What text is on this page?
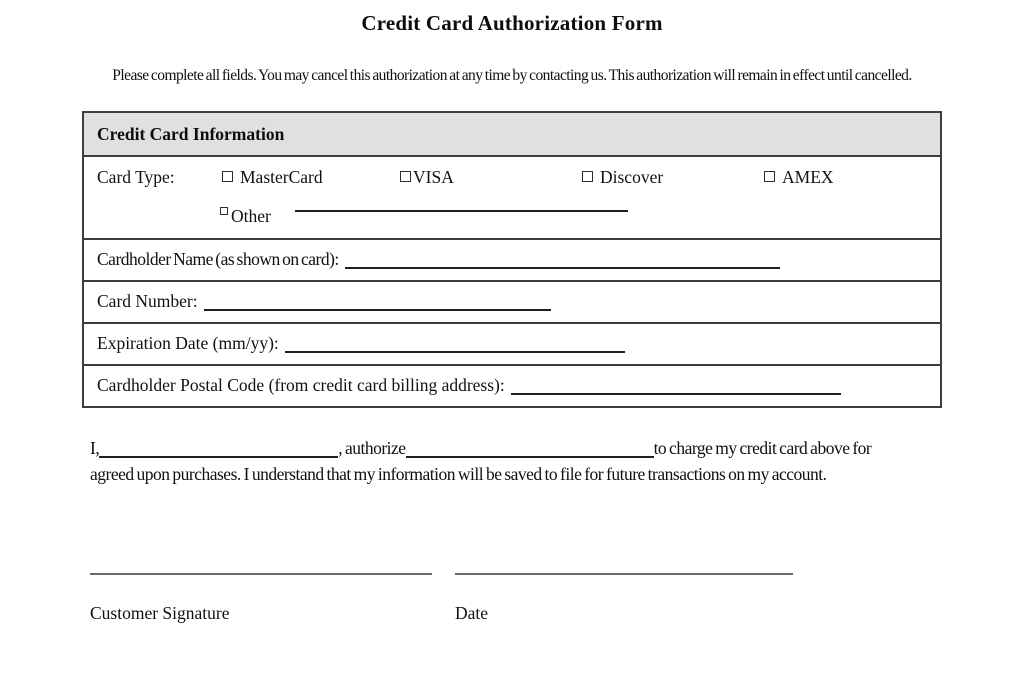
Credit Card Authorization Form

Please complete all fields. You may cancel this authorization at any time by contacting us. This authorization will remain in effect until cancelled.

Credit Card Information
Card Type:	MasterCard	VISA	Discover	AMEX
Other
Cardholder Name (as shown on card):
Card Number:
Expiration Date (mm/yy):
Cardholder Postal Code (from credit card billing address):

I,	, authorize	to charge my credit card above for agreed upon purchases. I understand that my information will be saved to file for future transactions on my account.

Customer Signature	Date
